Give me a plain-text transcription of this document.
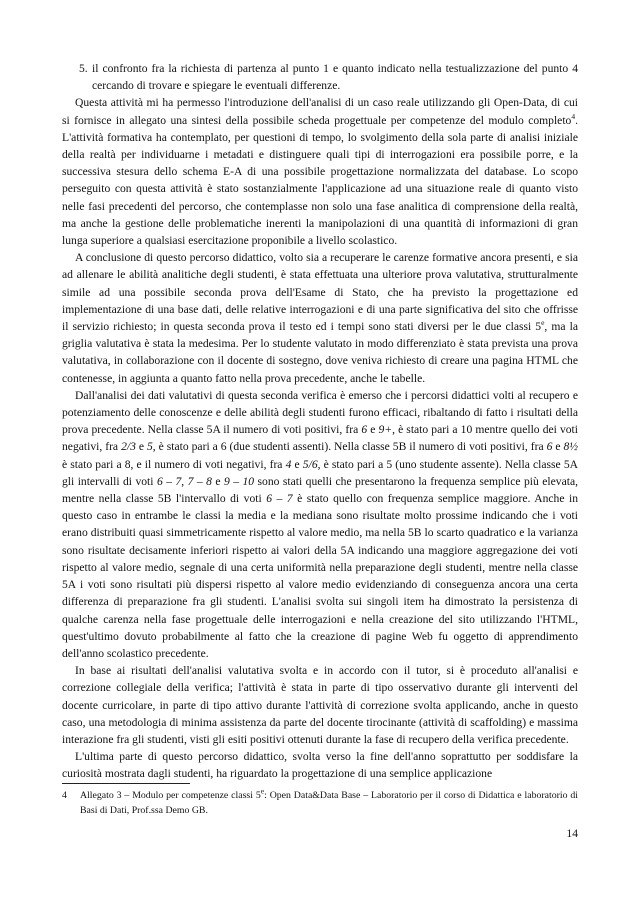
5. il confronto fra la richiesta di partenza al punto 1 e quanto indicato nella testualizzazione del punto 4 cercando di trovare e spiegare le eventuali differenze.

Questa attività mi ha permesso l'introduzione dell'analisi di un caso reale utilizzando gli Open-Data, di cui si fornisce in allegato una sintesi della possibile scheda progettuale per competenze del modulo completo$^4$. L'attività formativa ha contemplato, per questioni di tempo, lo svolgimento della sola parte di analisi iniziale della realtà per individuarne i metadati e distinguere quali tipi di interrogazioni era possibile porre, e la successiva stesura dello schema E-A di una possibile progettazione normalizzata del database. Lo scopo perseguito con questa attività è stato sostanzialmente l'applicazione ad una situazione reale di quanto visto nelle fasi precedenti del percorso, che contemplasse non solo una fase analitica di comprensione della realtà, ma anche la gestione delle problematiche inerenti la manipolazioni di una quantità di informazioni di gran lunga superiore a qualsiasi esercitazione proponibile a livello scolastico.

A conclusione di questo percorso didattico, volto sia a recuperare le carenze formative ancora presenti, e sia ad allenare le abilità analitiche degli studenti, è stata effettuata una ulteriore prova valutativa, strutturalmente simile ad una possibile seconda prova dell'Esame di Stato, che ha previsto la progettazione ed implementazione di una base dati, delle relative interrogazioni e di una parte significativa del sito che offrisse il servizio richiesto; in questa seconda prova il testo ed i tempi sono stati diversi per le due classi 5e, ma la griglia valutativa è stata la medesima. Per lo studente valutato in modo differenziato è stata prevista una prova valutativa, in collaborazione con il docente di sostegno, dove veniva richiesto di creare una pagina HTML che contenesse, in aggiunta a quanto fatto nella prova precedente, anche le tabelle.

Dall'analisi dei dati valutativi di questa seconda verifica è emerso che i percorsi didattici volti al recupero e potenziamento delle conoscenze e delle abilità degli studenti furono efficaci, ribaltando di fatto i risultati della prova precedente. Nella classe 5A il numero di voti positivi, fra 6 e 9+, è stato pari a 10 mentre quello dei voti negativi, fra 2/3 e 5, è stato pari a 6 (due studenti assenti). Nella classe 5B il numero di voti positivi, fra 6 e 8½ è stato pari a 8, e il numero di voti negativi, fra 4 e 5/6, è stato pari a 5 (uno studente assente). Nella classe 5A gli intervalli di voti 6 – 7, 7 – 8 e 9 – 10 sono stati quelli che presentarono la frequenza semplice più elevata, mentre nella classe 5B l'intervallo di voti 6 – 7 è stato quello con frequenza semplice maggiore. Anche in questo caso in entrambe le classi la media e la mediana sono risultate molto prossime indicando che i voti erano distribuiti quasi simmetricamente rispetto al valore medio, ma nella 5B lo scarto quadratico e la varianza sono risultate decisamente inferiori rispetto ai valori della 5A indicando una maggiore aggregazione dei voti rispetto al valore medio, segnale di una certa uniformità nella preparazione degli studenti, mentre nella classe 5A i voti sono risultati più dispersi rispetto al valore medio evidenziando di conseguenza ancora una certa differenza di preparazione fra gli studenti. L'analisi svolta sui singoli item ha dimostrato la persistenza di qualche carenza nella fase progettuale delle interrogazioni e nella creazione del sito utilizzando l'HTML, quest'ultimo dovuto probabilmente al fatto che la creazione di pagine Web fu oggetto di apprendimento dell'anno scolastico precedente.

In base ai risultati dell'analisi valutativa svolta e in accordo con il tutor, si è proceduto all'analisi e correzione collegiale della verifica; l'attività è stata in parte di tipo osservativo durante gli interventi del docente curricolare, in parte di tipo attivo durante l'attività di correzione svolta applicando, anche in questo caso, una metodologia di minima assistenza da parte del docente tirocinante (attività di scaffolding) e massima interazione fra gli studenti, visti gli esiti positivi ottenuti durante la fase di recupero della verifica precedente.

L'ultima parte di questo percorso didattico, svolta verso la fine dell'anno soprattutto per soddisfare la curiosità mostrata dagli studenti, ha riguardato la progettazione di una semplice applicazione

4	Allegato 3 – Modulo per competenze classi 5e: Open Data&Data Base – Laboratorio per il corso di Didattica e laboratorio di Basi di Dati, Prof.ssa Demo GB.
14
